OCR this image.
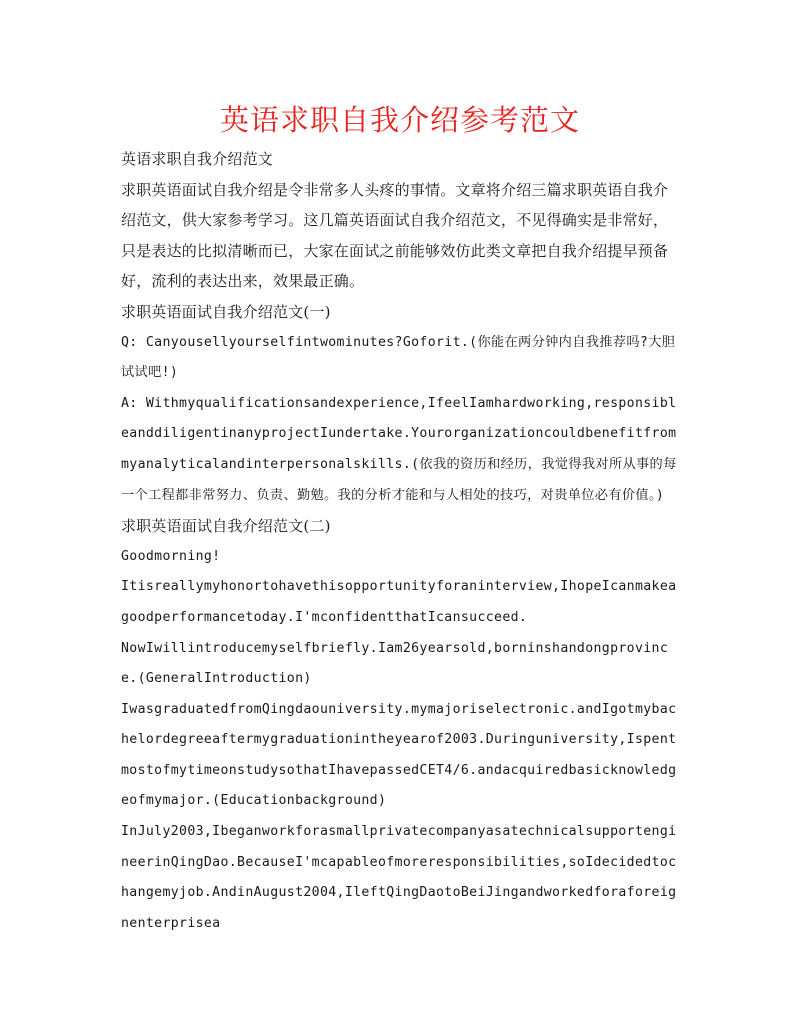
英语求职自我介绍参考范文

英语求职自我介绍范文

求职英语面试自我介绍是令非常多人头疼的事情。文章将介绍三篇求职英语自我介绍范文，供大家参考学习。这几篇英语面试自我介绍范文，不见得确实是非常好，只是表达的比拟清晰而已，大家在面试之前能够效仿此类文章把自我介绍提早预备好，流利的表达出来，效果最正确。

求职英语面试自我介绍范文(一)

Q: Canyousellyourselfintwominutes?Goforit.(你能在两分钟内自我推荐吗?大胆试试吧!)

A: Withmyqualificationsandexperience,IfeelIamhardworking,responsibleanddiligentinanyprojectIundertake.Yourorganizationcouldbenefitfrommyanalyticalandinterpersonalskills.(依我的资历和经历，我觉得我对所从事的每一个工程都非常努力、负责、勤勉。我的分析才能和与人相处的技巧，对贵单位必有价值。)

求职英语面试自我介绍范文(二)

Goodmorning!

Itisreallymyhonortohavethisopportunityforaninterview,IhopeIcanmakeagoodperformancetoday.I'mconfidentthatIcansucceed.

NowIwillintroducemyselfbriefly.Iam26yearsold,borninshandongprovince.(GeneralIntroduction)

IwasgraduatedfromQingdaouniversity.mymajoriselectronic.andIgotmybachelordegreeaftermygraduationintheyearof2003.Duringuniversity,IspentmostofmytimeonstudysothatIhavepassedCET4/6.andacquiredbasicknowledgeofmymajor.(Educationbackground)

InJuly2003,IbeganworkforasmallprivatecompanyasatechnicalsupportengineerinQingDao.BecauseI'mcapableofmoreresponsibilities,soIdecidedtochangemyjob.AndinAugust2004,IleftQingDaotoBeiJingandworkedforaforeignenterprisea
